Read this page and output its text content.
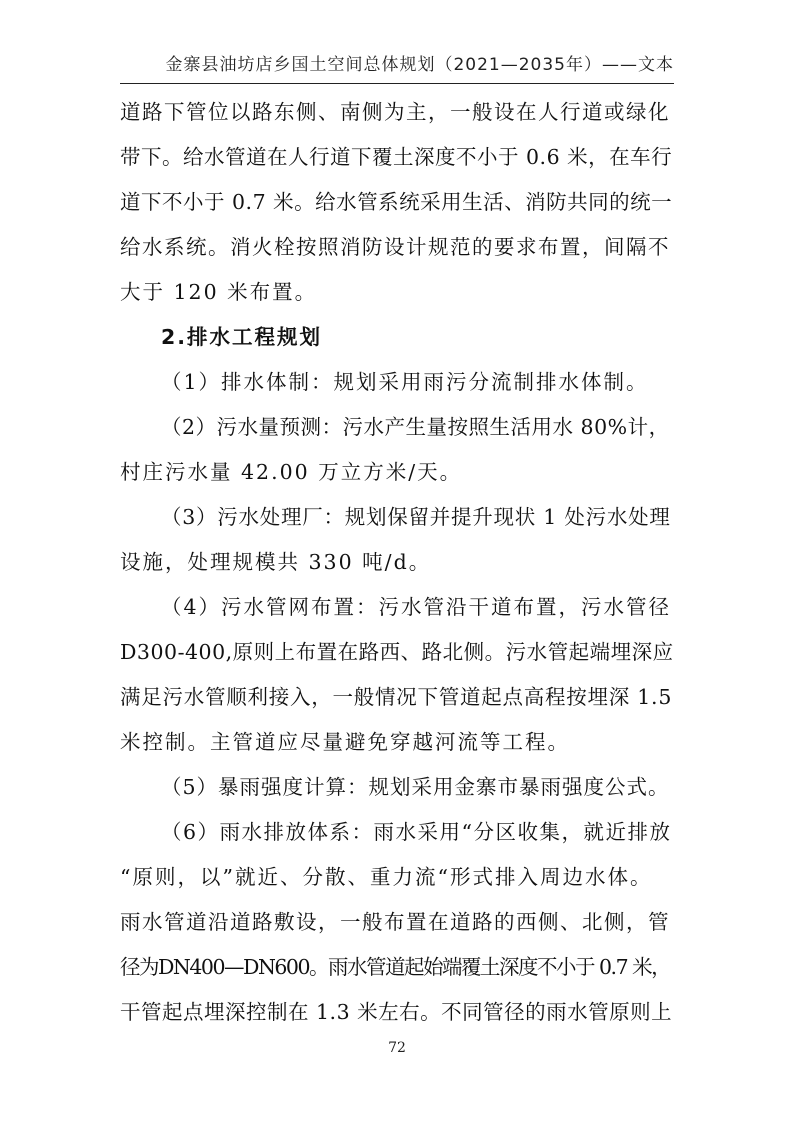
金寨县油坊店乡国土空间总体规划（2021—2035年）——文本

道路下管位以路东侧、南侧为主，一般设在人行道或绿化

带下。给水管道在人行道下覆土深度不小于 0.6 米，在车行

道下不小于 0.7 米。给水管系统采用生活、消防共同的统一

给水系统。消火栓按照消防设计规范的要求布置，间隔不

大于 120 米布置。

2.排水工程规划

（1）排水体制：规划采用雨污分流制排水体制。

（2）污水量预测：污水产生量按照生活用水 80%计，

村庄污水量 42.00 万立方米/天。

（3）污水处理厂：规划保留并提升现状 1 处污水处理

设施，处理规模共 330 吨/d。

（4）污水管网布置：污水管沿干道布置，污水管径

D300-400,原则上布置在路西、路北侧。污水管起端埋深应

满足污水管顺利接入，一般情况下管道起点高程按埋深 1.5

米控制。主管道应尽量避免穿越河流等工程。

（5）暴雨强度计算：规划采用金寨市暴雨强度公式。

（6）雨水排放体系：雨水采用“分区收集，就近排放

“原则，以”就近、分散、重力流“形式排入周边水体。

雨水管道沿道路敷设，一般布置在道路的西侧、北侧，管

径为DN400—DN600。雨水管道起始端覆土深度不小于 0.7 米，

干管起点埋深控制在 1.3 米左右。不同管径的雨水管原则上

72
